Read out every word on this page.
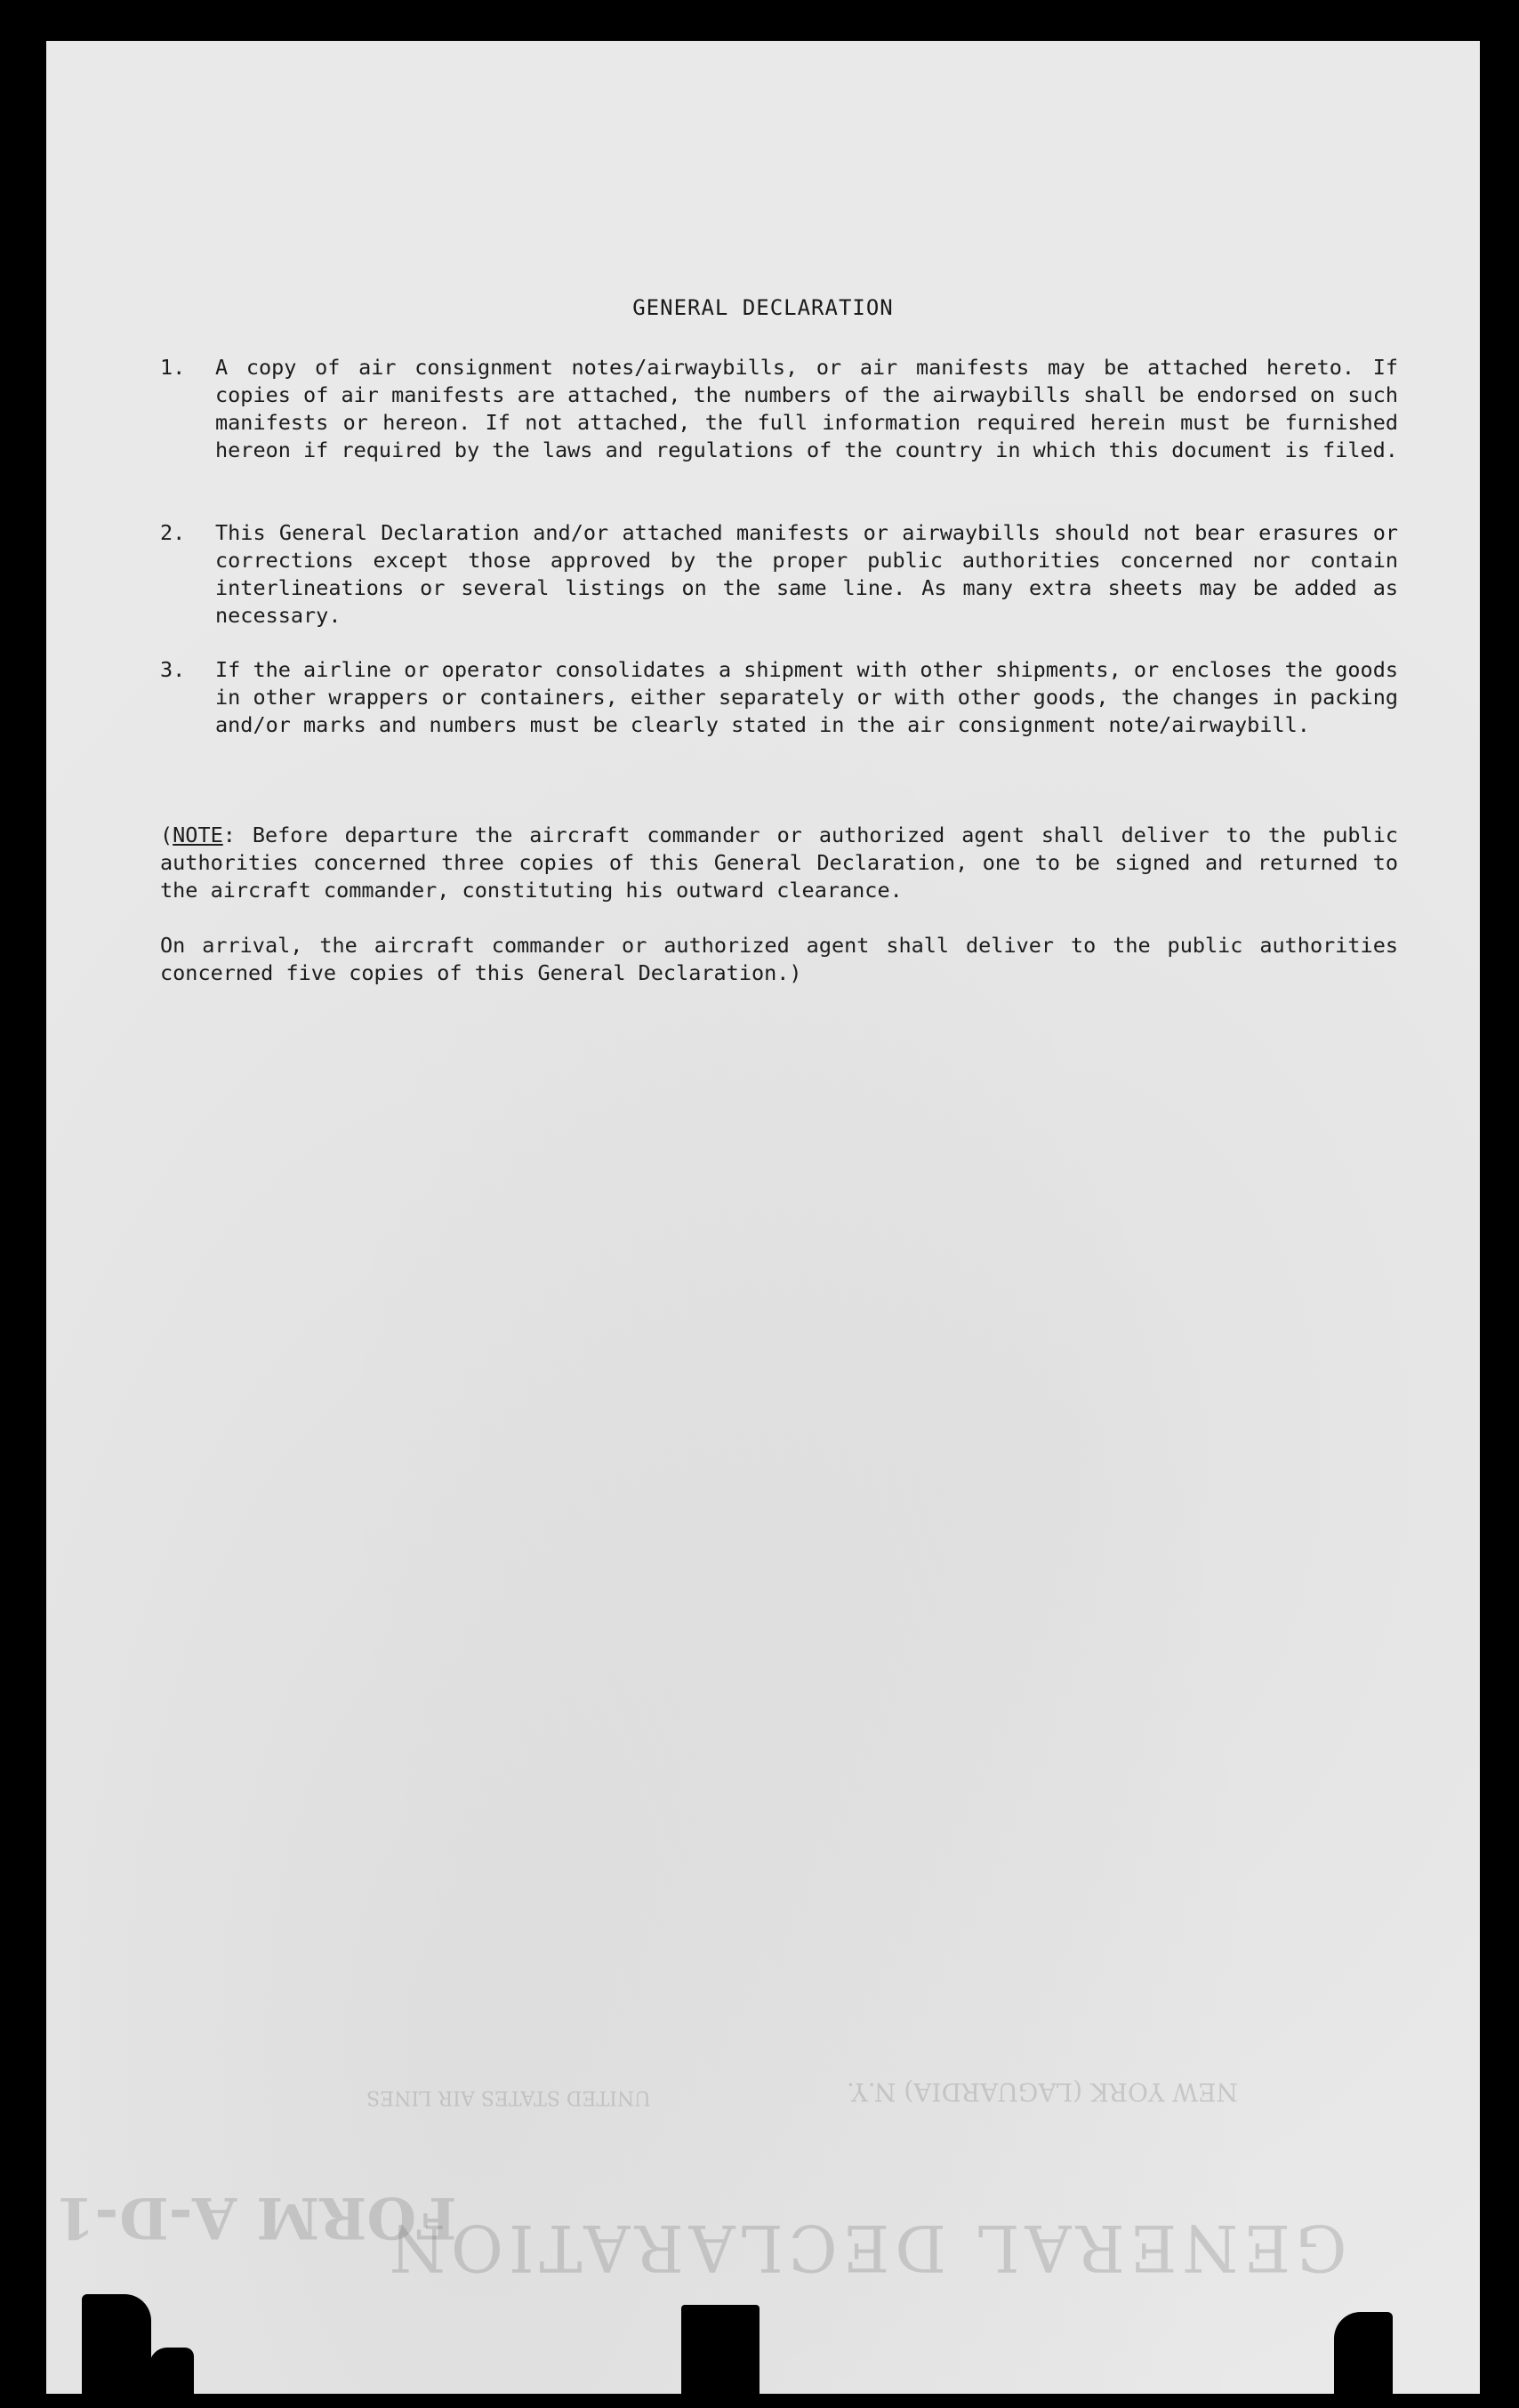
GENERAL DECLARATION
FORM A-D-1
NEW YORK (LAGUARDIA) N.Y.
UNITED STATES AIR LINES
GENERAL DECLARATION
1.	A copy of air consignment notes/airwaybills, or air manifests may be attached hereto. If copies of air manifests are attached, the numbers of the airwaybills shall be endorsed on such manifests or hereon. If not attached, the full information required herein must be furnished hereon if required by the laws and regulations of the country in which this document is filed.
2.	This General Declaration and/or attached manifests or airwaybills should not bear erasures or corrections except those approved by the proper public authorities concerned nor contain interlineations or several listings on the same line. As many extra sheets may be added as necessary.
3.	If the airline or operator consolidates a shipment with other shipments, or encloses the goods in other wrappers or containers, either separately or with other goods, the changes in packing and/or marks and numbers must be clearly stated in the air consignment note/airwaybill.
(NOTE: Before departure the aircraft commander or authorized agent shall deliver to the public authorities concerned three copies of this General Declaration, one to be signed and returned to the aircraft commander, constituting his outward clearance.
On arrival, the aircraft commander or authorized agent shall deliver to the public authorities concerned five copies of this General Declaration.)
